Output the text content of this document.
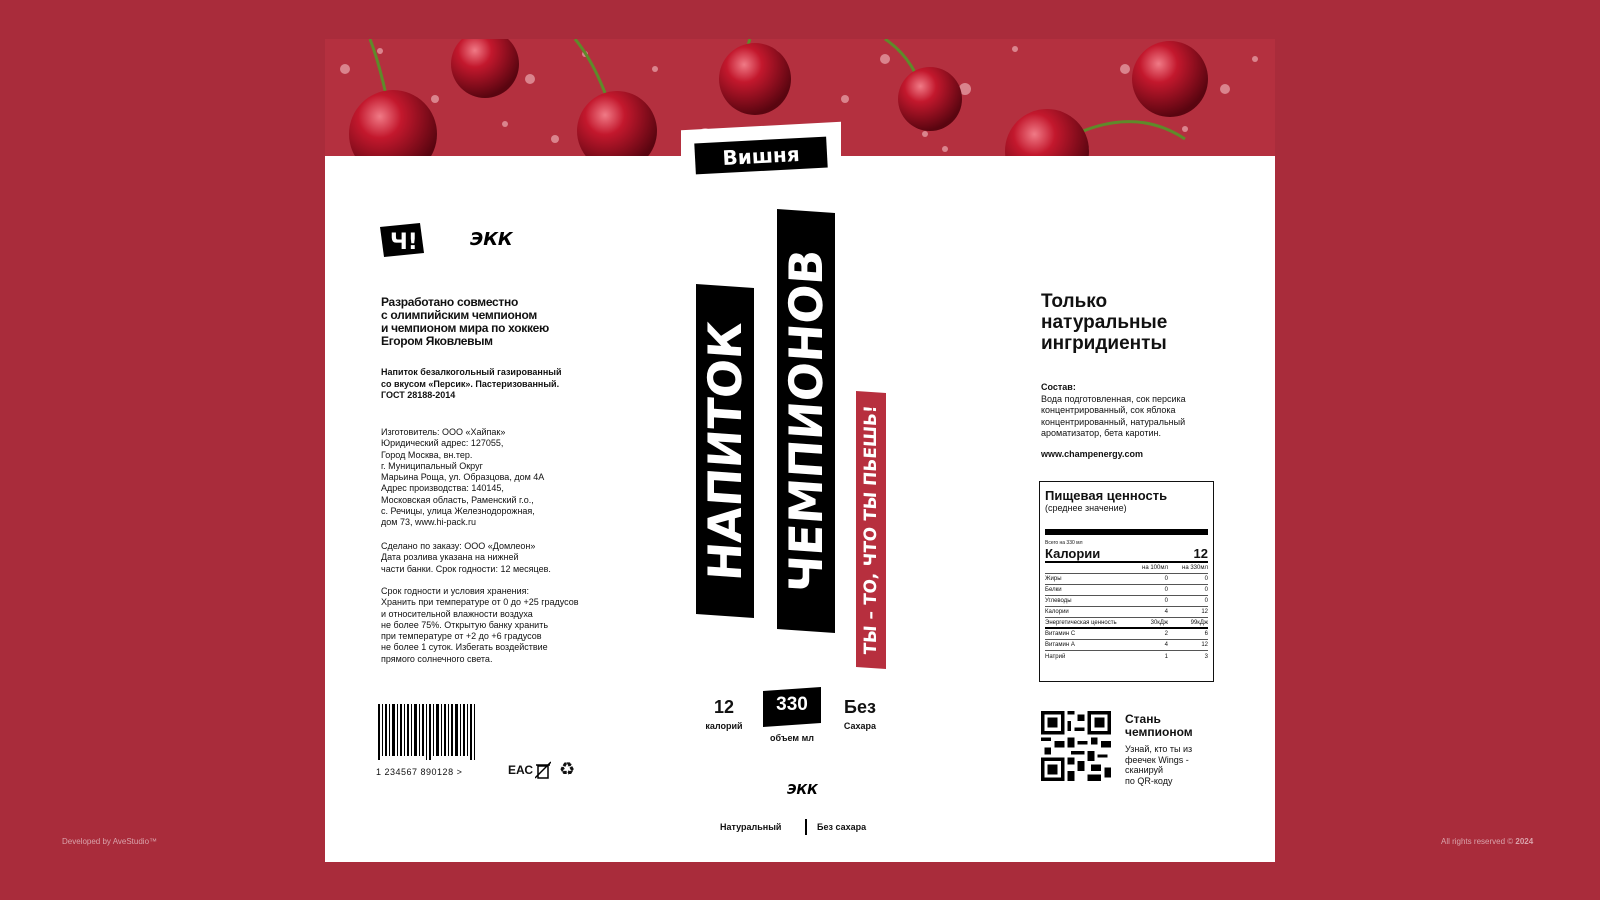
Developed by AveStudio™	All rights reserved © 2024
Вишня
Ч!	ЭКК
Разработано совместно
с олимпийским чемпионом
и чемпионом мира по хоккею
Егором Яковлевым
Напиток безалкогольный газированный
со вкусом «Персик». Пастеризованный.
ГОСТ 28188-2014
Изготовитель: ООО «Хайпак»
Юридический адрес: 127055,
Город Москва, вн.тер.
г. Муниципальный Округ
Марьина Роща, ул. Образцова, дом 4А
Адрес производства: 140145,
Московская область, Раменский г.о.,
с. Речицы, улица Железнодорожная,
дом 73, www.hi-pack.ru
Сделано по заказу: ООО «Домлеон»
Дата розлива указана на нижней
части банки. Срок годности: 12 месяцев.
Срок годности и условия хранения:
Хранить при температуре от 0 до +25 градусов
и относительной влажности воздуха
не более 75%. Открытую банку хранить
при температуре от +2 до +6 градусов
не более 1 суток. Избегать воздействие
прямого солнечного света.
1 234567 890128 >	ЕАС ♻
НАПИТОК ЧЕМПИОНОВ ТЫ – ТО, ЧТО ТЫ ПЬЕШЬ!
12
калорий
330
объем мл
Без
Сахара
ЭКК
Натуральный	Без сахара
Только
натуральные
ингридиенты
Состав:
Вода подготовленная, сок персика
концентрированный, сок яблока
концентрированный, натуральный
ароматизатор, бета каротин.
www.champenergy.com
Пищевая ценность
(среднее значение)
Всего на 330 мл
Калории	12
на 100мл	на 330мл
Жиры	0	0
Белки	0	0
Углеводы	0	0
Калории	4	12
Энергетическая ценность	30кДж	99кДж
Витамин С	2	6
Витамин А	4	12
Натрий	1	3
Стань
чемпионом
Узнай, кто ты из
феечек Wings -
сканируй
по QR-коду
